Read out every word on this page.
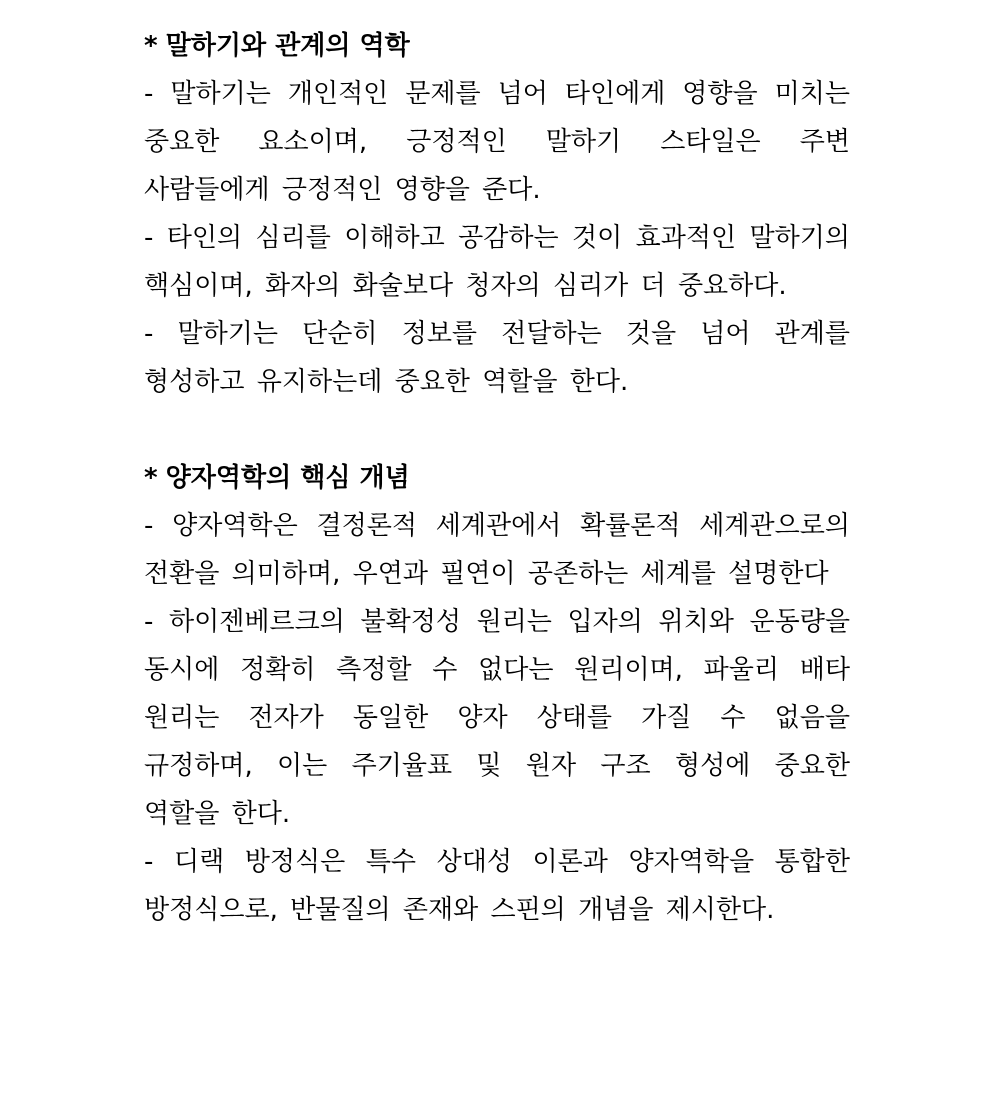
* 말하기와 관계의 역학

- 말하기는 개인적인 문제를 넘어 타인에게 영향을 미치는 중요한 요소이며, 긍정적인 말하기 스타일은 주변 사람들에게 긍정적인 영향을 준다.

- 타인의 심리를 이해하고 공감하는 것이 효과적인 말하기의 핵심이며, 화자의 화술보다 청자의 심리가 더 중요하다.

- 말하기는 단순히 정보를 전달하는 것을 넘어 관계를 형성하고 유지하는데 중요한 역할을 한다.

* 양자역학의 핵심 개념

- 양자역학은 결정론적 세계관에서 확률론적 세계관으로의 전환을 의미하며, 우연과 필연이 공존하는 세계를 설명한다

- 하이젠베르크의 불확정성 원리는 입자의 위치와 운동량을 동시에 정확히 측정할 수 없다는 원리이며, 파울리 배타 원리는 전자가 동일한 양자 상태를 가질 수 없음을 규정하며, 이는 주기율표 및 원자 구조 형성에 중요한 역할을 한다.

- 디랙 방정식은 특수 상대성 이론과 양자역학을 통합한 방정식으로, 반물질의 존재와 스핀의 개념을 제시한다.
